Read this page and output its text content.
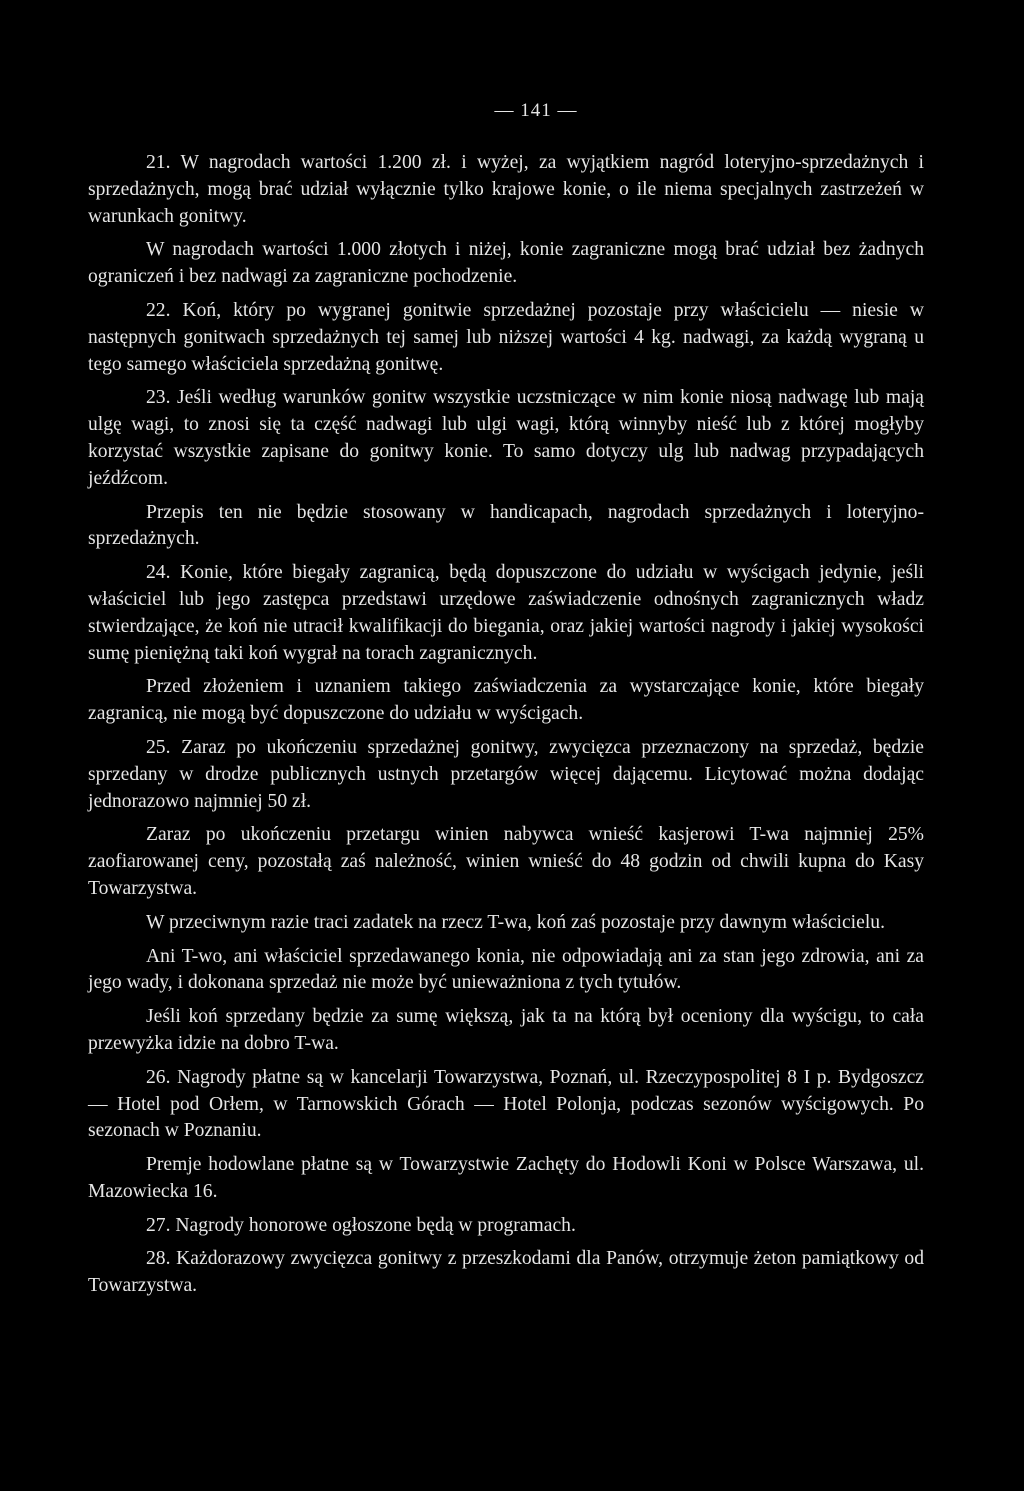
— 141 —

21. W nagrodach wartości 1.200 zł. i wyżej, za wyjątkiem nagród loteryjno-sprzedażnych i sprzedażnych, mogą brać udział wyłącznie tylko krajowe konie, o ile niema specjalnych zastrzeżeń w warunkach gonitwy.

W nagrodach wartości 1.000 złotych i niżej, konie zagraniczne mogą brać udział bez żadnych ograniczeń i bez nadwagi za zagraniczne pochodzenie.

22. Koń, który po wygranej gonitwie sprzedażnej pozostaje przy właścicielu — niesie w następnych gonitwach sprzedażnych tej samej lub niższej wartości 4 kg. nadwagi, za każdą wygraną u tego samego właściciela sprzedażną gonitwę.

23. Jeśli według warunków gonitw wszystkie uczstniczące w nim konie niosą nadwagę lub mają ulgę wagi, to znosi się ta część nadwagi lub ulgi wagi, którą winnyby nieść lub z której mogłyby korzystać wszystkie zapisane do gonitwy konie. To samo dotyczy ulg lub nadwag przypadających jeźdźcom.

Przepis ten nie będzie stosowany w handicapach, nagrodach sprzedażnych i loteryjno-sprzedażnych.

24. Konie, które biegały zagranicą, będą dopuszczone do udziału w wyścigach jedynie, jeśli właściciel lub jego zastępca przedstawi urzędowe zaświadczenie odnośnych zagranicznych władz stwierdzające, że koń nie utracił kwalifikacji do biegania, oraz jakiej wartości nagrody i jakiej wysokości sumę pieniężną taki koń wygrał na torach zagranicznych.

Przed złożeniem i uznaniem takiego zaświadczenia za wystarczające konie, które biegały zagranicą, nie mogą być dopuszczone do udziału w wyścigach.

25. Zaraz po ukończeniu sprzedażnej gonitwy, zwycięzca przeznaczony na sprzedaż, będzie sprzedany w drodze publicznych ustnych przetargów więcej dającemu. Licytować można dodając jednorazowo najmniej 50 zł.

Zaraz po ukończeniu przetargu winien nabywca wnieść kasjerowi T-wa najmniej 25% zaofiarowanej ceny, pozostałą zaś należność, winien wnieść do 48 godzin od chwili kupna do Kasy Towarzystwa.

W przeciwnym razie traci zadatek na rzecz T-wa, koń zaś pozostaje przy dawnym właścicielu.

Ani T-wo, ani właściciel sprzedawanego konia, nie odpowiadają ani za stan jego zdrowia, ani za jego wady, i dokonana sprzedaż nie może być unieważniona z tych tytułów.

Jeśli koń sprzedany będzie za sumę większą, jak ta na którą był oceniony dla wyścigu, to cała przewyżka idzie na dobro T-wa.

26. Nagrody płatne są w kancelarji Towarzystwa, Poznań, ul. Rzeczypospolitej 8 I p. Bydgoszcz — Hotel pod Orłem, w Tarnowskich Górach — Hotel Polonja, podczas sezonów wyścigowych. Po sezonach w Poznaniu.

Premje hodowlane płatne są w Towarzystwie Zachęty do Hodowli Koni w Polsce Warszawa, ul. Mazowiecka 16.

27. Nagrody honorowe ogłoszone będą w programach.

28. Każdorazowy zwycięzca gonitwy z przeszkodami dla Panów, otrzymuje żeton pamiątkowy od Towarzystwa.
